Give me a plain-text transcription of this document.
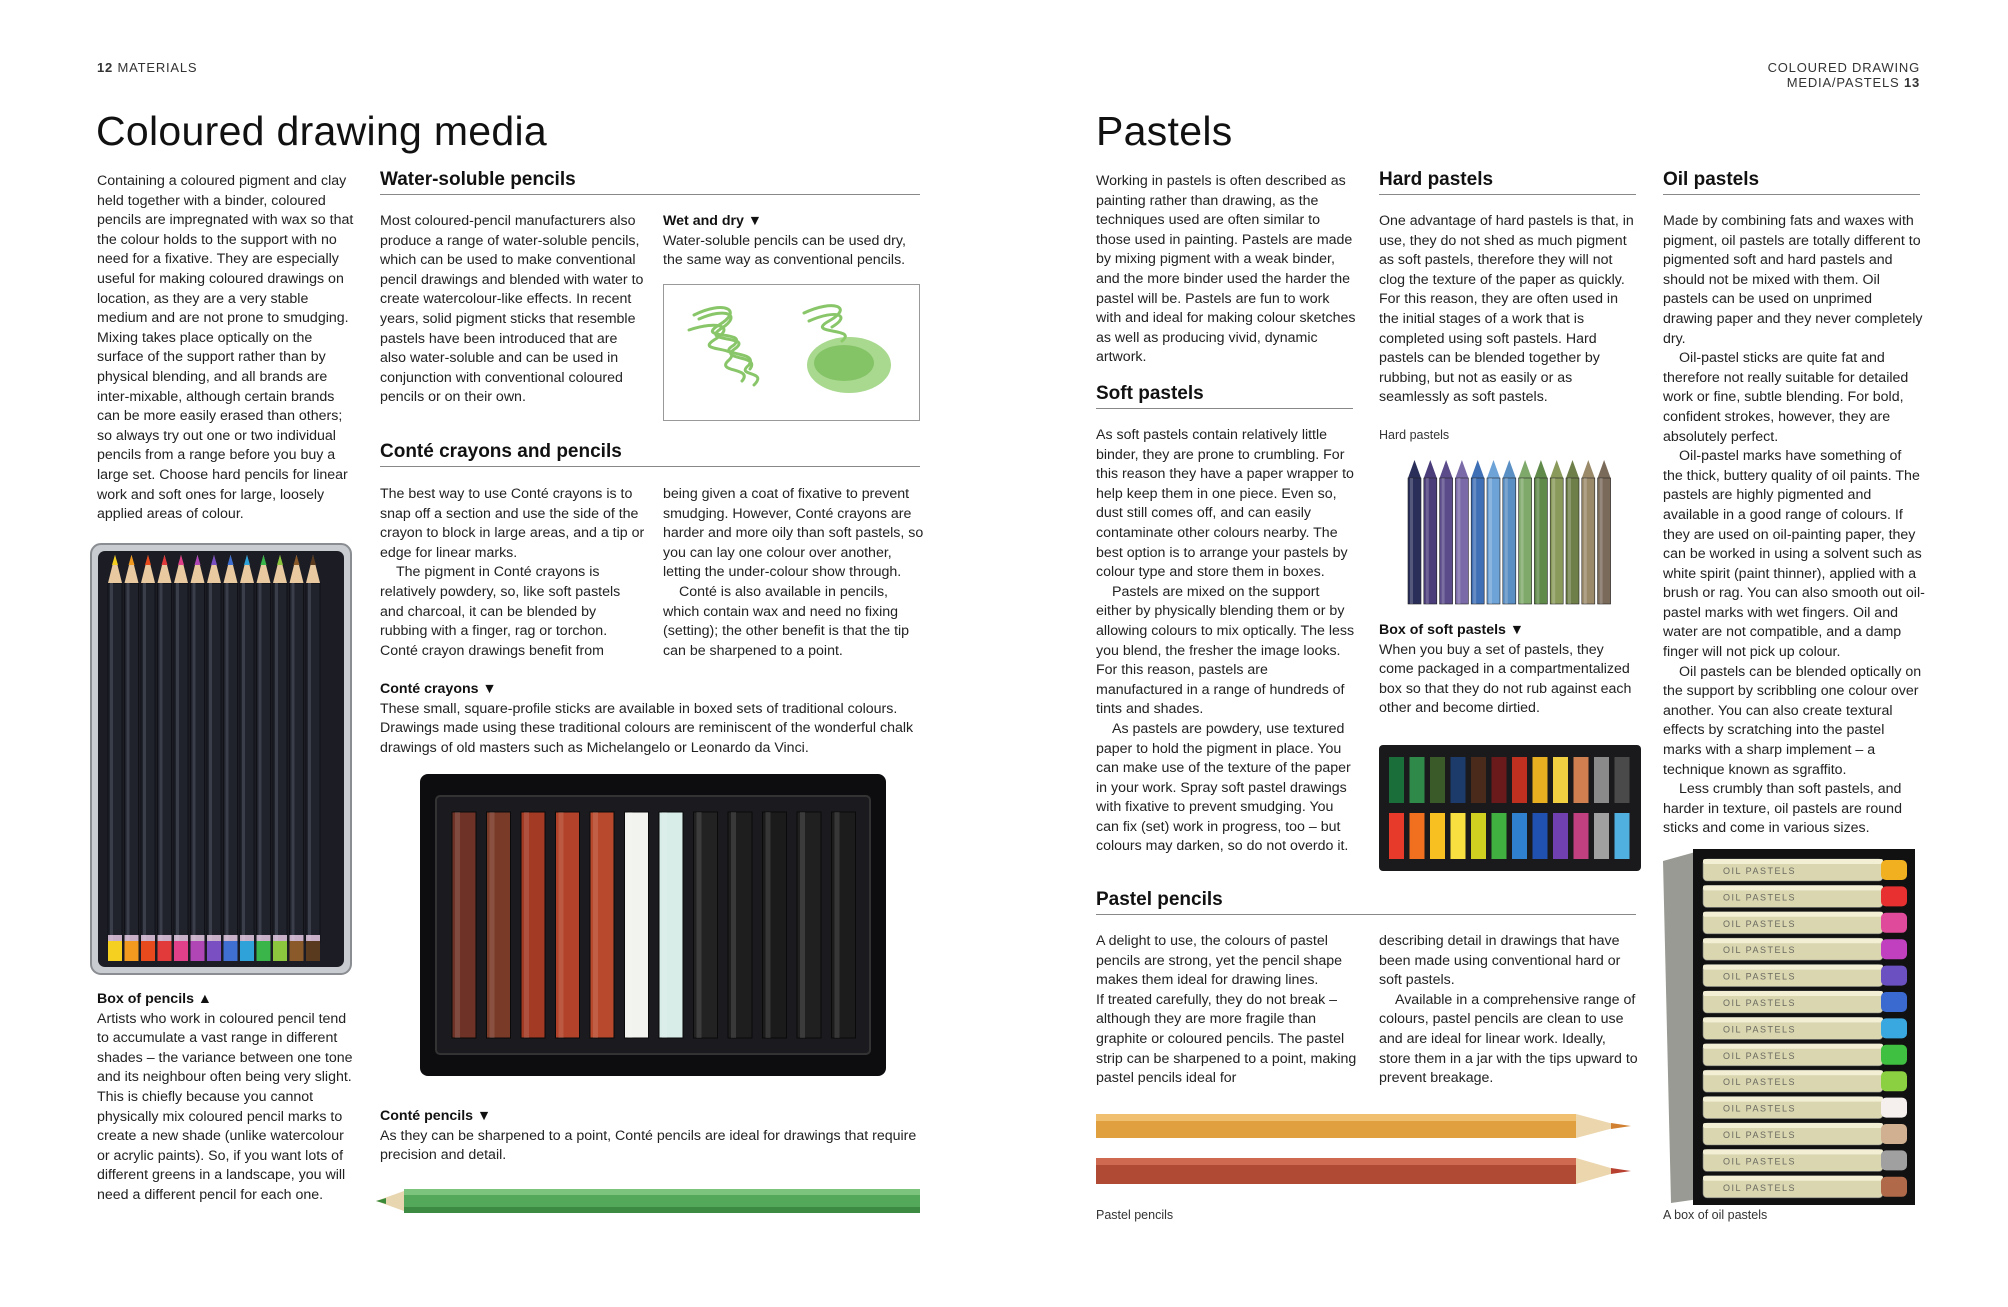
12 MATERIALS
Coloured drawing media
Containing a coloured pigment and clay held together with a binder, coloured pencils are impregnated with wax so that the colour holds to the support with no need for a fixative. They are especially useful for making coloured drawings on location, as they are a very stable medium and are not prone to smudging. Mixing takes place optically on the surface of the support rather than by physical blending, and all brands are inter-mixable, although certain brands can be more easily erased than others; so always try out one or two individual pencils from a range before you buy a large set. Choose hard pencils for linear work and soft ones for large, loosely applied areas of colour.
Box of pencils ▲
Artists who work in coloured pencil tend to accumulate a vast range in different shades – the variance between one tone and its neighbour often being very slight. This is chiefly because you cannot physically mix coloured pencil marks to create a new shade (unlike watercolour or acrylic paints). So, if you want lots of different greens in a landscape, you will need a different pencil for each one.
Water-soluble pencils
Most coloured-pencil manufacturers also produce a range of water-soluble pencils, which can be used to make conventional pencil drawings and blended with water to create watercolour-like effects. In recent years, solid pigment sticks that resemble pastels have been introduced that are also water-soluble and can be used in conjunction with conventional coloured pencils or on their own.
Wet and dry ▼
Water-soluble pencils can be used dry, the same way as conventional pencils.
Conté crayons and pencils

The best way to use Conté crayons is to snap off a section and use the side of the crayon to block in large areas, and a tip or edge for linear marks.

The pigment in Conté crayons is relatively powdery, so, like soft pastels and charcoal, it can be blended by rubbing with a finger, rag or torchon. Conté crayon drawings benefit from

being given a coat of fixative to prevent smudging. However, Conté crayons are harder and more oily than soft pastels, so you can lay one colour over another, letting the under-colour show through.

Conté is also available in pencils, which contain wax and need no fixing (setting); the other benefit is that the tip can be sharpened to a point.

Conté crayons ▼
These small, square-profile sticks are available in boxed sets of traditional colours. Drawings made using these traditional colours are reminiscent of the wonderful chalk drawings of old masters such as Michelangelo or Leonardo da Vinci.
Conté pencils ▼
As they can be sharpened to a point, Conté pencils are ideal for drawings that require precision and detail.
COLOURED DRAWING MEDIA/PASTELS 13
Pastels
Working in pastels is often described as painting rather than drawing, as the techniques used are often similar to those used in painting. Pastels are made by mixing pigment with a weak binder, and the more binder used the harder the pastel will be. Pastels are fun to work with and ideal for making colour sketches as well as producing vivid, dynamic artwork.
Soft pastels

As soft pastels contain relatively little binder, they are prone to crumbling. For this reason they have a paper wrapper to help keep them in one piece. Even so, dust still comes off, and can easily contaminate other colours nearby. The best option is to arrange your pastels by colour type and store them in boxes.

Pastels are mixed on the support either by physically blending them or by allowing colours to mix optically. The less you blend, the fresher the image looks. For this reason, pastels are manufactured in a range of hundreds of tints and shades.

As pastels are powdery, use textured paper to hold the pigment in place. You can make use of the texture of the paper in your work. Spray soft pastel drawings with fixative to prevent smudging. You can fix (set) work in progress, too – but colours may darken, so do not overdo it.

Hard pastels
One advantage of hard pastels is that, in use, they do not shed as much pigment as soft pastels, therefore they will not clog the texture of the paper as quickly. For this reason, they are often used in the initial stages of a work that is completed using soft pastels. Hard pastels can be blended together by rubbing, but not as easily or as seamlessly as soft pastels.
Hard pastels
Box of soft pastels ▼
When you buy a set of pastels, they come packaged in a compartmentalized box so that they do not rub against each other and become dirtied.
Oil pastels

Made by combining fats and waxes with pigment, oil pastels are totally different to pigmented soft and hard pastels and should not be mixed with them. Oil pastels can be used on unprimed drawing paper and they never completely dry.

Oil-pastel sticks are quite fat and therefore not really suitable for detailed work or fine, subtle blending. For bold, confident strokes, however, they are absolutely perfect.

Oil-pastel marks have something of the thick, buttery quality of oil paints. The pastels are highly pigmented and available in a good range of colours. If they are used on oil-painting paper, they can be worked in using a solvent such as white spirit (paint thinner), applied with a brush or rag. You can also smooth out oil-pastel marks with wet fingers. Oil and water are not compatible, and a damp finger will not pick up colour.

Oil pastels can be blended optically on the support by scribbling one colour over another. You can also create textural effects by scratching into the pastel marks with a sharp implement – a technique known as sgraffito.

Less crumbly than soft pastels, and harder in texture, oil pastels are round sticks and come in various sizes.

OIL PASTELS
OIL PASTELS
OIL PASTELS
OIL PASTELS
OIL PASTELS
OIL PASTELS
OIL PASTELS
OIL PASTELS
OIL PASTELS
OIL PASTELS
OIL PASTELS
OIL PASTELS
OIL PASTELS
A box of oil pastels
Pastel pencils

A delight to use, the colours of pastel pencils are strong, yet the pencil shape makes them ideal for drawing lines.

If treated carefully, they do not break – although they are more fragile than graphite or coloured pencils. The pastel strip can be sharpened to a point, making pastel pencils ideal for

describing detail in drawings that have been made using conventional hard or soft pastels.

Available in a comprehensive range of colours, pastel pencils are clean to use and are ideal for linear work. Ideally, store them in a jar with the tips upward to prevent breakage.

Pastel pencils
